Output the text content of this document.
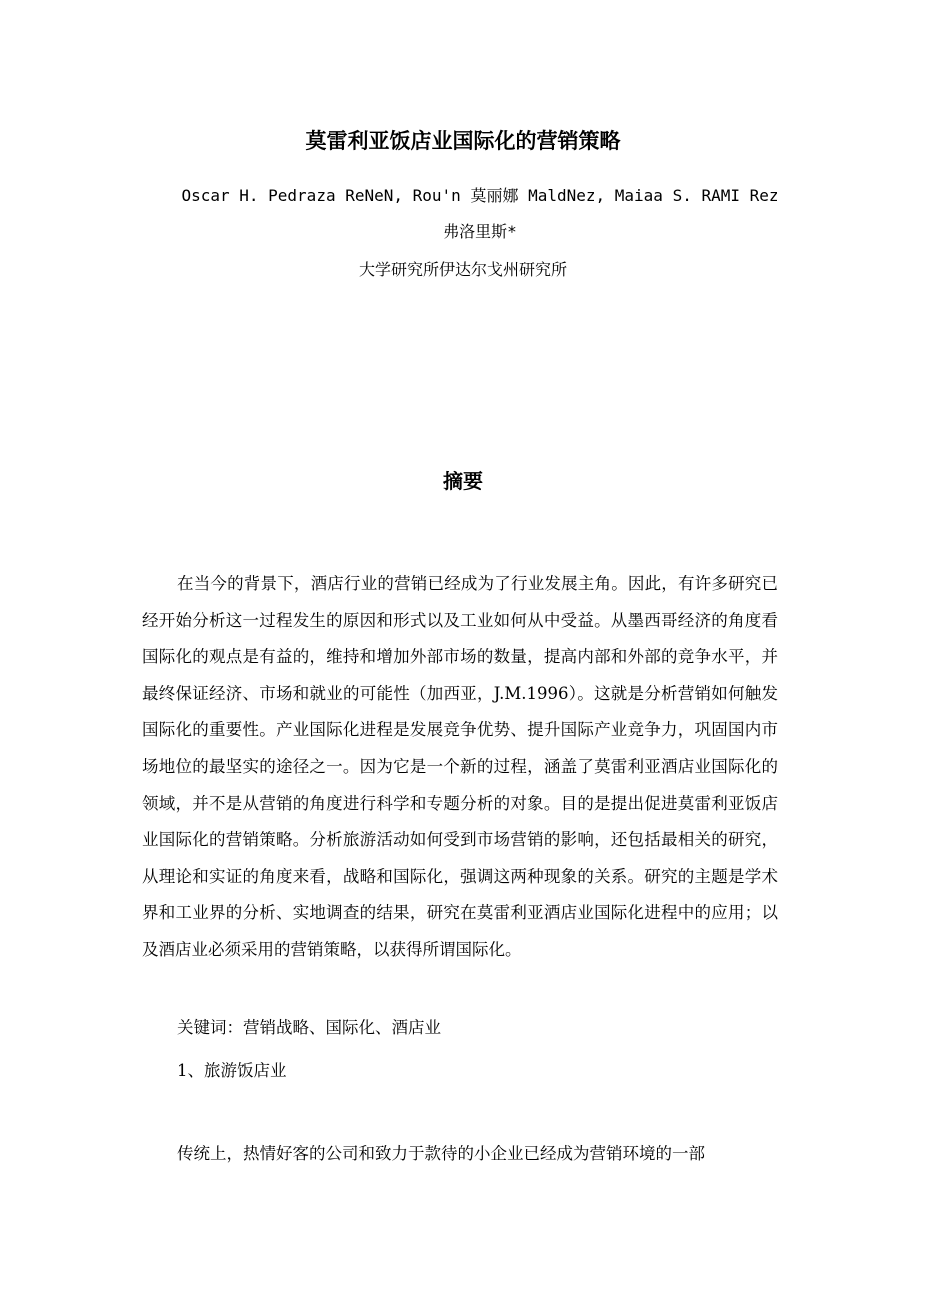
莫雷利亚饭店业国际化的营销策略
Oscar H. Pedraza ReNeN, Rou'n 莫丽娜 MaldNez, Maiaa S. RAMI Rez 弗洛里斯*
大学研究所伊达尔戈州研究所
摘要

在当今的背景下，酒店行业的营销已经成为了行业发展主角。因此，有许多研究已经开始分析这一过程发生的原因和形式以及工业如何从中受益。从墨西哥经济的角度看国际化的观点是有益的，维持和增加外部市场的数量，提高内部和外部的竞争水平，并最终保证经济、市场和就业的可能性（加西亚，J.M.1996）。这就是分析营销如何触发国际化的重要性。产业国际化进程是发展竞争优势、提升国际产业竞争力，巩固国内市场地位的最坚实的途径之一。因为它是一个新的过程，涵盖了莫雷利亚酒店业国际化的领域，并不是从营销的角度进行科学和专题分析的对象。目的是提出促进莫雷利亚饭店业国际化的营销策略。分析旅游活动如何受到市场营销的影响，还包括最相关的研究，从理论和实证的角度来看，战略和国际化，强调这两种现象的关系。研究的主题是学术界和工业界的分析、实地调查的结果，研究在莫雷利亚酒店业国际化进程中的应用；以及酒店业必须采用的营销策略，以获得所谓国际化。

关键词：营销战略、国际化、酒店业

1、旅游饭店业

传统上，热情好客的公司和致力于款待的小企业已经成为营销环境的一部
